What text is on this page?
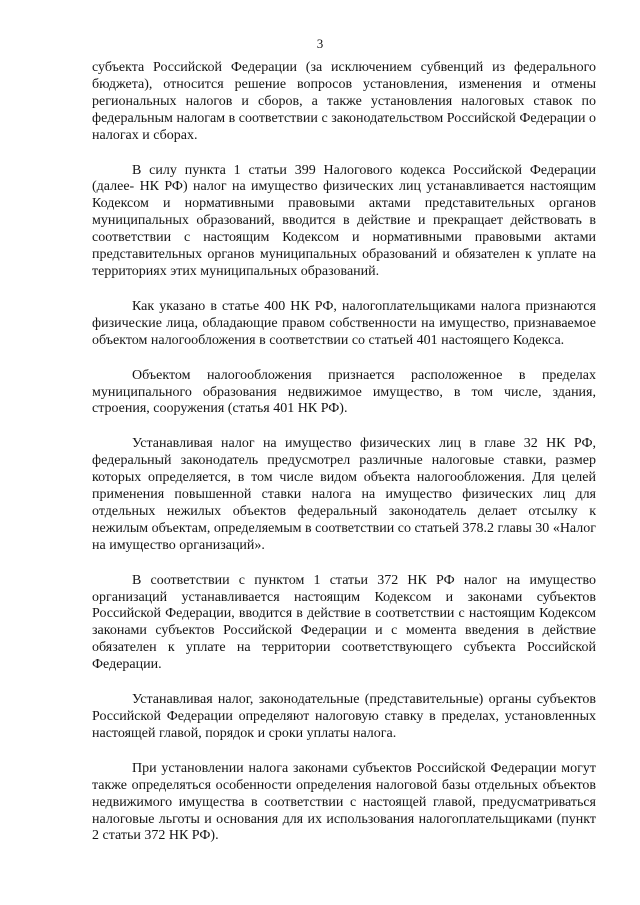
3

субъекта Российской Федерации (за исключением субвенций из федерального бюджета), относится решение вопросов установления, изменения и отмены региональных налогов и сборов, а также установления налоговых ставок по федеральным налогам в соответствии с законодательством Российской Федерации о налогах и сборах.

В силу пункта 1 статьи 399 Налогового кодекса Российской Федерации (далее- НК РФ) налог на имущество физических лиц устанавливается настоящим Кодексом и нормативными правовыми актами представительных органов муниципальных образований, вводится в действие и прекращает действовать в соответствии с настоящим Кодексом и нормативными правовыми актами представительных органов муниципальных образований и обязателен к уплате на территориях этих муниципальных образований.

Как указано в статье 400 НК РФ, налогоплательщиками налога признаются физические лица, обладающие правом собственности на имущество, признаваемое объектом налогообложения в соответствии со статьей 401 настоящего Кодекса.

Объектом налогообложения признается расположенное в пределах муниципального образования недвижимое имущество, в том числе, здания, строения, сооружения (статья 401 НК РФ).

Устанавливая налог на имущество физических лиц в главе 32 НК РФ, федеральный законодатель предусмотрел различные налоговые ставки, размер которых определяется, в том числе видом объекта налогообложения. Для целей применения повышенной ставки налога на имущество физических лиц для отдельных нежилых объектов федеральный законодатель делает отсылку к нежилым объектам, определяемым в соответствии со статьей 378.2 главы 30 «Налог на имущество организаций».

В соответствии с пунктом 1 статьи 372 НК РФ налог на имущество организаций устанавливается настоящим Кодексом и законами субъектов Российской Федерации, вводится в действие в соответствии с настоящим Кодексом законами субъектов Российской Федерации и с момента введения в действие обязателен к уплате на территории соответствующего субъекта Российской Федерации.

Устанавливая налог, законодательные (представительные) органы субъектов Российской Федерации определяют налоговую ставку в пределах, установленных настоящей главой, порядок и сроки уплаты налога.

При установлении налога законами субъектов Российской Федерации могут также определяться особенности определения налоговой базы отдельных объектов недвижимого имущества в соответствии с настоящей главой, предусматриваться налоговые льготы и основания для их использования налогоплательщиками (пункт 2 статьи 372 НК РФ).
